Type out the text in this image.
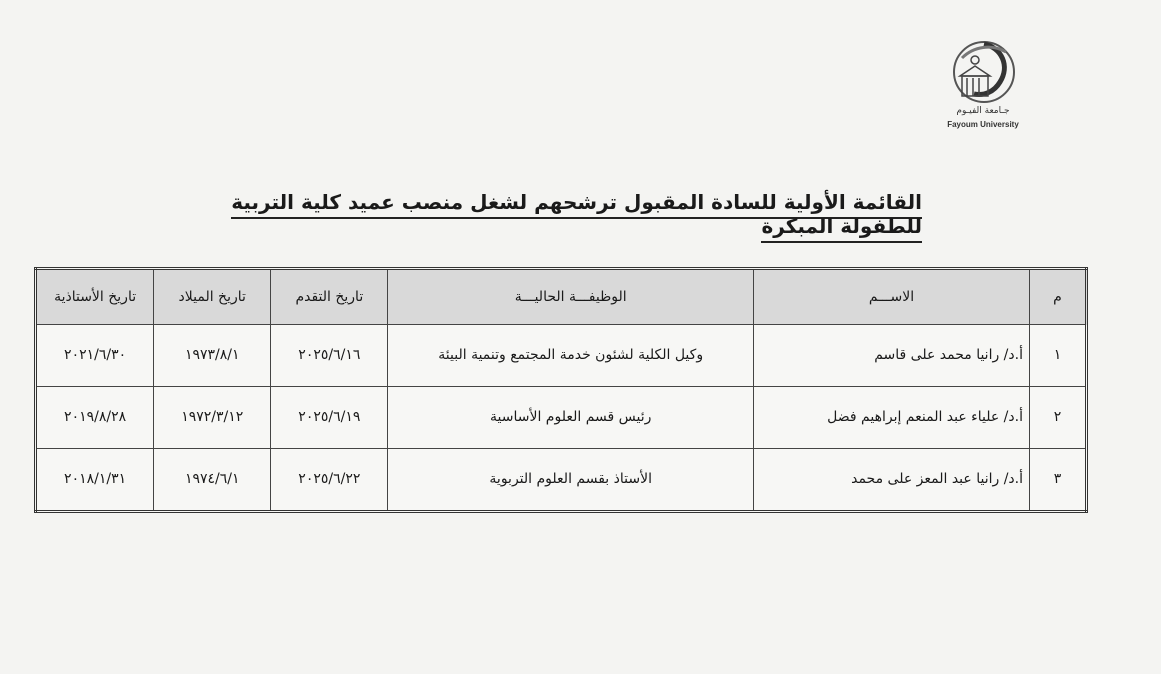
جـامعة الفيـوم
Fayoum University
القائمة الأولية للسادة المقبول ترشحهم لشغل منصب عميد كلية التربية للطفولة المبكرة
م	الاســـم	الوظيفـــة الحاليـــة	تاريخ التقدم	تاريخ الميلاد	تاريخ الأستاذية
١	أ.د/ رانيا محمد على قاسم	وكيل الكلية لشئون خدمة المجتمع وتنمية البيئة	٢٠٢٥/٦/١٦	١٩٧٣/٨/١	٢٠٢١/٦/٣٠
٢	أ.د/ علياء عبد المنعم إبراهيم فضل	رئيس قسم العلوم الأساسية	٢٠٢٥/٦/١٩	١٩٧٢/٣/١٢	٢٠١٩/٨/٢٨
٣	أ.د/ رانيا عبد المعز على محمد	الأستاذ بقسم العلوم التربوية	٢٠٢٥/٦/٢٢	١٩٧٤/٦/١	٢٠١٨/١/٣١
